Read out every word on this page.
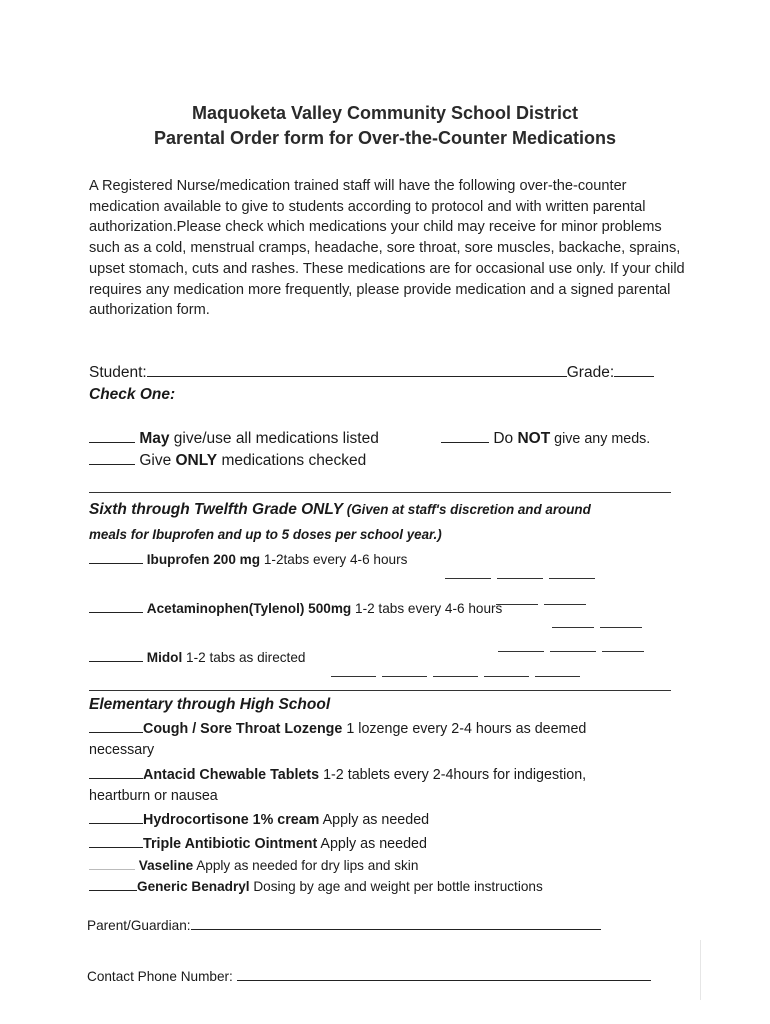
Maquoketa Valley Community School District
Parental Order form for Over-the-Counter Medications
A Registered Nurse/medication trained staff will have the following over-the-counter medication available to give to students according to protocol and with written parental authorization.Please check which medications your child may receive for minor problems such as a cold, menstrual cramps, headache, sore throat, sore muscles, backache, sprains, upset stomach, cuts and rashes. These medications are for occasional use only. If your child requires any medication more frequently, please provide medication and a signed parental authorization form.
Student:	Grade:
Check One:
May give/use all medications listed	Do NOT give any meds.
Give ONLY medications checked
Sixth through Twelfth Grade ONLY (Given at staff's discretion and around
meals for Ibuprofen and up to 5 doses per school year.)
Ibuprofen 200 mg 1-2tabs every 4-6 hours
Acetaminophen(Tylenol) 500mg 1-2 tabs every 4-6 hours
Midol 1-2 tabs as directed
Elementary through High School
Cough / Sore Throat Lozenge 1 lozenge every 2-4 hours as deemed
necessary
Antacid Chewable Tablets 1-2 tablets every 2-4hours for indigestion,
heartburn or nausea
Hydrocortisone 1% cream Apply as needed
Triple Antibiotic Ointment Apply as needed
Vaseline Apply as needed for dry lips and skin
Generic Benadryl Dosing by age and weight per bottle instructions
Parent/Guardian:
Contact Phone Number:
